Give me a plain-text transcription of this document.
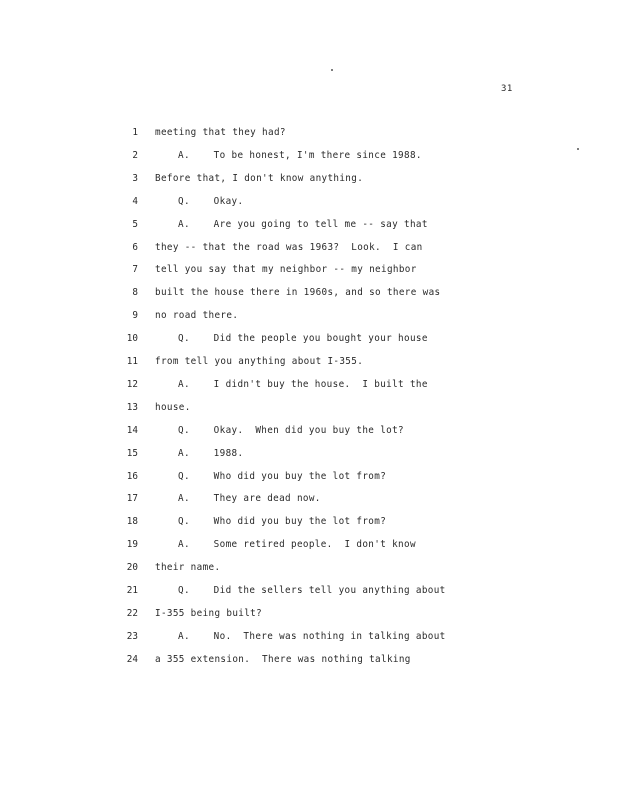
31
1 meeting that they had?
2	A.    To be honest, I'm there since 1988.
3 Before that, I don't know anything.
4	Q.    Okay.
5	A.    Are you going to tell me -- say that
6 they -- that the road was 1963?  Look.  I can
7 tell you say that my neighbor -- my neighbor
8 built the house there in 1960s, and so there was
9 no road there.
10	Q.    Did the people you bought your house
11 from tell you anything about I-355.
12	A.    I didn't buy the house.  I built the
13 house.
14	Q.    Okay.  When did you buy the lot?
15	A.    1988.
16	Q.    Who did you buy the lot from?
17	A.    They are dead now.
18	Q.    Who did you buy the lot from?
19	A.    Some retired people.  I don't know
20 their name.
21	Q.    Did the sellers tell you anything about
22 I-355 being built?
23	A.    No.  There was nothing in talking about
24 a 355 extension.  There was nothing talking
